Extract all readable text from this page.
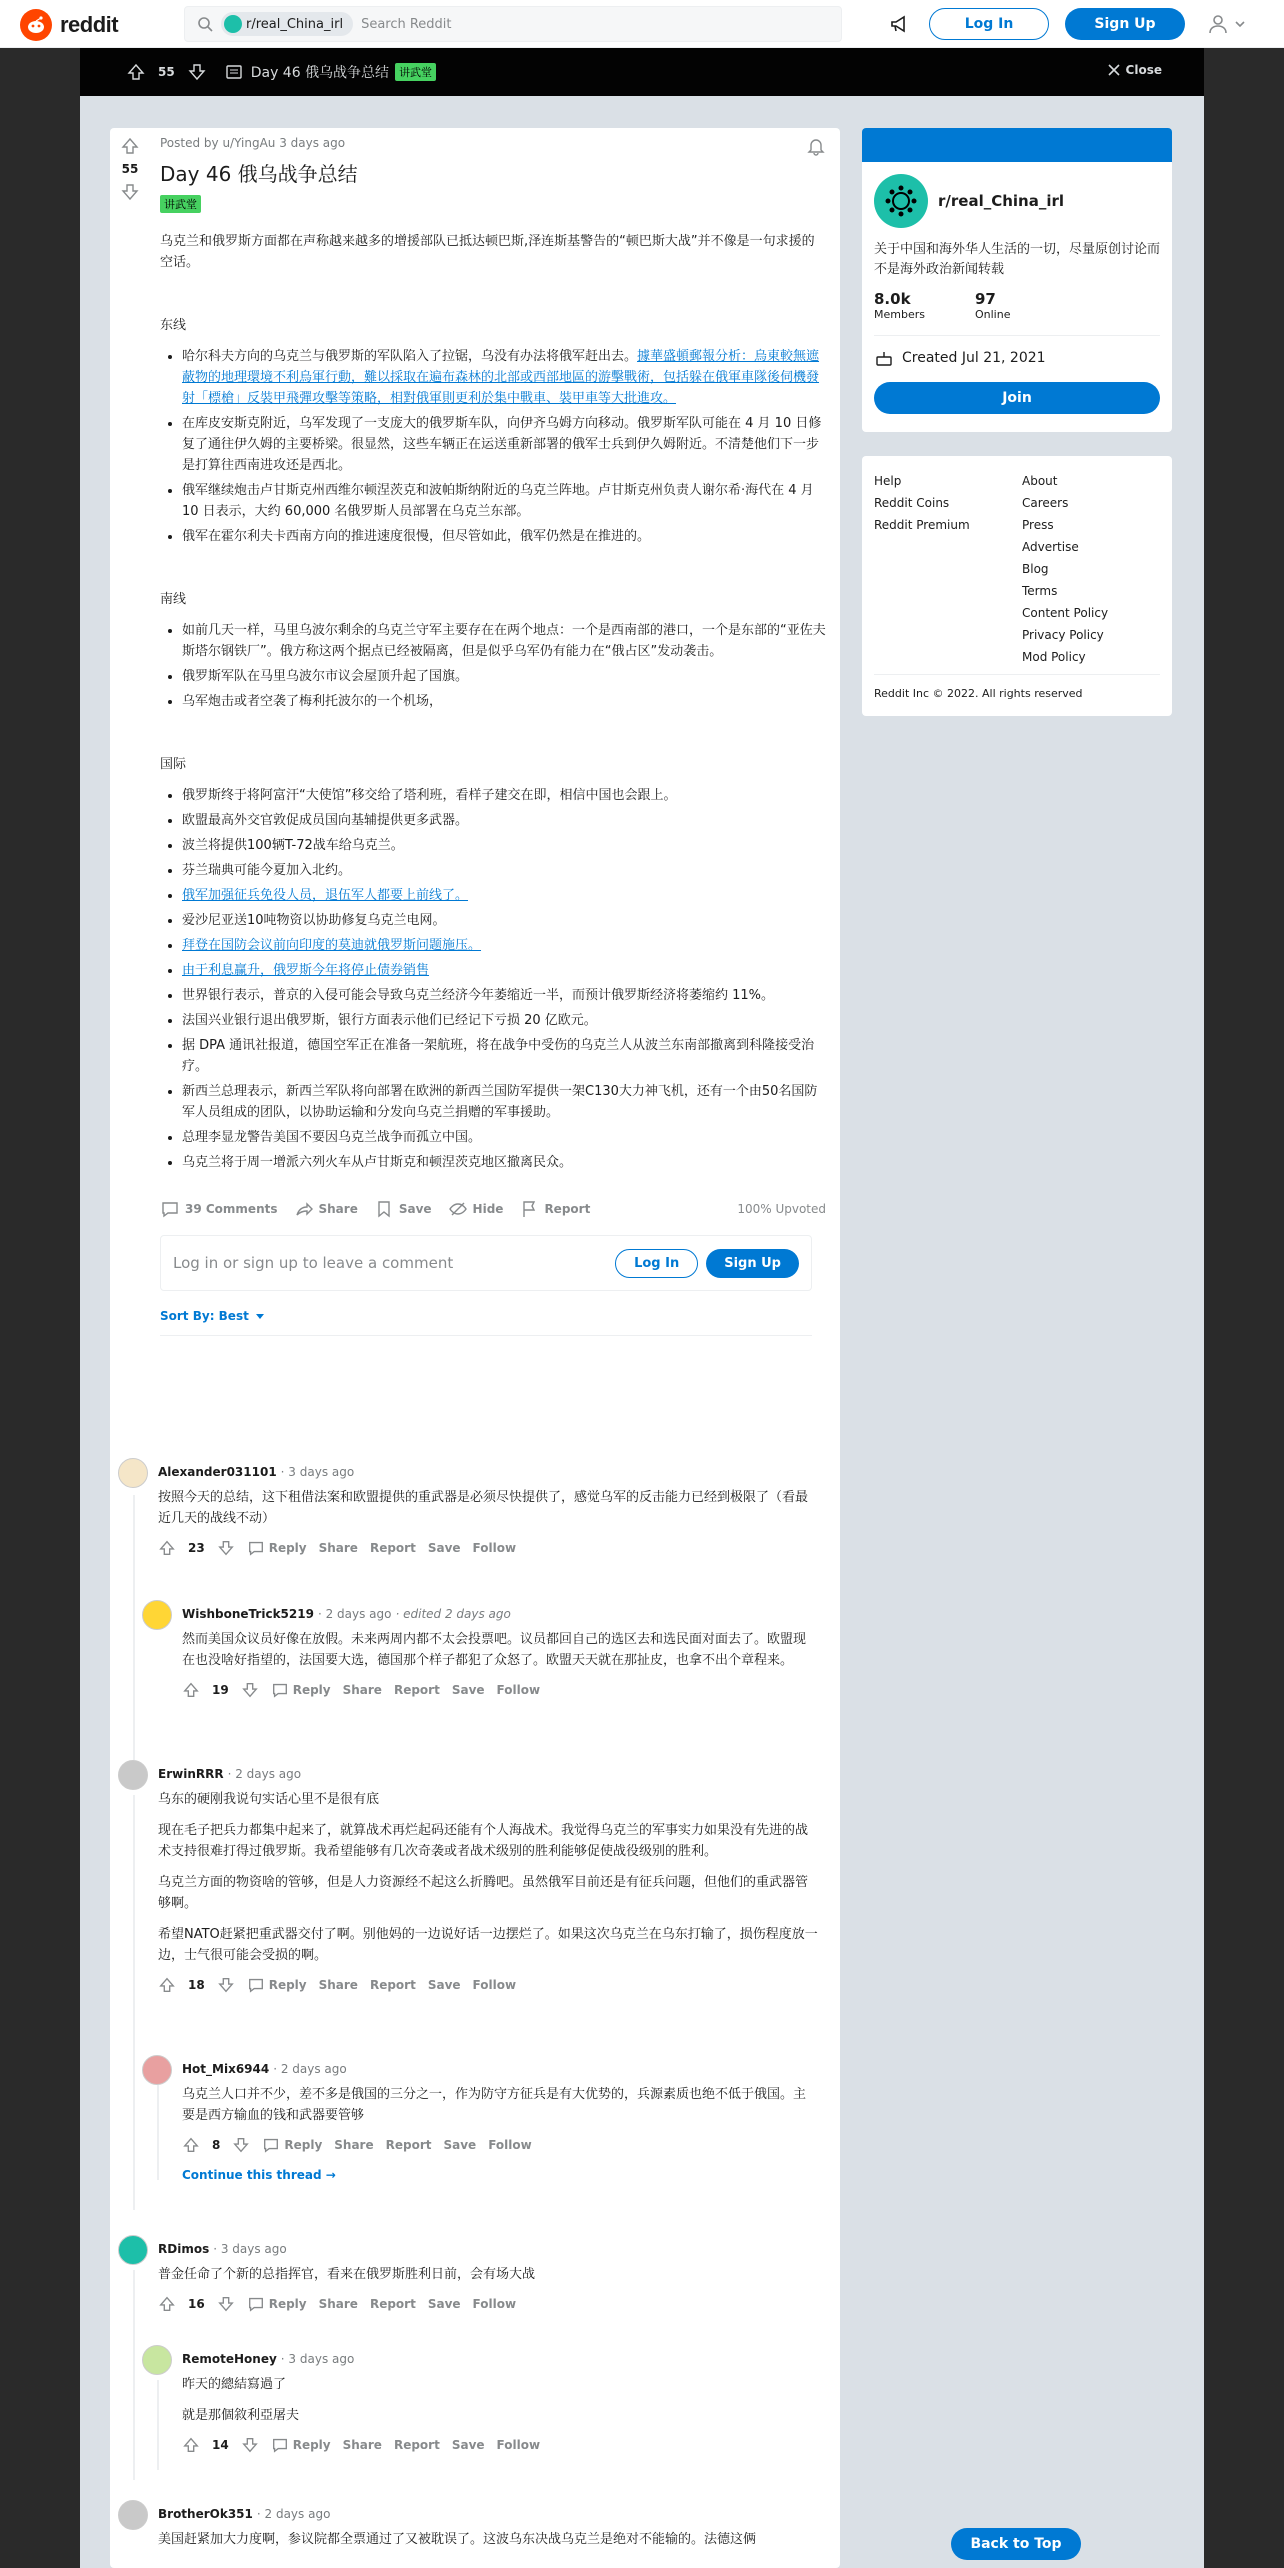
reddit	r/real_China_irl Search Reddit	Log In	Sign Up
55	Day 46 俄乌战争总结 讲武堂	Close
55
Posted by u/YingAu 3 days ago
Day 46 俄乌战争总结
讲武堂

乌克兰和俄罗斯方面都在声称越来越多的增援部队已抵达顿巴斯,泽连斯基警告的“顿巴斯大战”并不像是一句求援的空话。

东线
• 哈尔科夫方向的乌克兰与俄罗斯的军队陷入了拉锯，乌没有办法将俄军赶出去。據華盛頓郵報分析：烏東較無遮蔽物的地理環境不利烏軍行動，難以採取在遍布森林的北部或西部地區的游擊戰術，包括躲在俄軍車隊後伺機發射「標槍」反裝甲飛彈攻擊等策略，相對俄軍則更利於集中戰車、裝甲車等大批進攻。
• 在库皮安斯克附近，乌军发现了一支庞大的俄罗斯车队，向伊齐乌姆方向移动。俄罗斯军队可能在 4 月 10 日修复了通往伊久姆的主要桥梁。很显然，这些车辆正在运送重新部署的俄军士兵到伊久姆附近。不清楚他们下一步是打算往西南进攻还是西北。
• 俄军继续炮击卢甘斯克州西维尔顿涅茨克和波帕斯纳附近的乌克兰阵地。卢甘斯克州负责人谢尔希·海代在 4 月 10 日表示，大约 60,000 名俄罗斯人员部署在乌克兰东部。
• 俄军在霍尔利夫卡西南方向的推进速度很慢，但尽管如此，俄军仍然是在推进的。
南线
• 如前几天一样，马里乌波尔剩余的乌克兰守军主要存在在两个地点：一个是西南部的港口，一个是东部的“亚佐夫斯塔尔钢铁厂”。俄方称这两个据点已经被隔离，但是似乎乌军仍有能力在“俄占区”发动袭击。
• 俄罗斯军队在马里乌波尔市议会屋顶升起了国旗。
• 乌军炮击或者空袭了梅利托波尔的一个机场，
国际
• 俄罗斯终于将阿富汗“大使馆”移交给了塔利班，看样子建交在即，相信中国也会跟上。
• 欧盟最高外交官敦促成员国向基辅提供更多武器。
• 波兰将提供100辆T-72战车给乌克兰。
• 芬兰瑞典可能今夏加入北约。
• 俄军加强征兵免役人员，退伍军人都要上前线了。
• 爱沙尼亚送10吨物资以协助修复乌克兰电网。
• 拜登在国防会议前向印度的莫迪就俄罗斯问题施压。
• 由于利息赢升，俄罗斯今年将停止债券销售
• 世界银行表示，普京的入侵可能会导致乌克兰经济今年萎缩近一半，而预计俄罗斯经济将萎缩约 11%。
• 法国兴业银行退出俄罗斯，银行方面表示他们已经记下亏损 20 亿欧元。
• 据 DPA 通讯社报道，德国空军正在准备一架航班，将在战争中受伤的乌克兰人从波兰东南部撤离到科隆接受治疗。
• 新西兰总理表示，新西兰军队将向部署在欧洲的新西兰国防军提供一架C130大力神飞机，还有一个由50名国防军人员组成的团队，以协助运输和分发向乌克兰捐赠的军事援助。
• 总理李显龙警告美国不要因乌克兰战争而孤立中国。
• 乌克兰将于周一增派六列火车从卢甘斯克和顿涅茨克地区撤离民众。
39 Comments	Share	Save	Hide	Report	100% Upvoted
Log in or sign up to leave a comment	Log In	Sign Up
Sort By: Best
Alexander031101 · 3 days ago

按照今天的总结，这下租借法案和欧盟提供的重武器是必须尽快提供了，感觉乌军的反击能力已经到极限了（看最近几天的战线不动）

23	Reply Share Report Save Follow
WishboneTrick5219 · 2 days ago · edited 2 days ago

然而美国众议员好像在放假。未来两周内都不太会投票吧。议员都回自己的选区去和选民面对面去了。欧盟现在也没啥好指望的，法国要大选，德国那个样子都犯了众怒了。欧盟天天就在那扯皮，也拿不出个章程来。

19	Reply Share Report Save Follow
ErwinRRR · 2 days ago

乌东的硬刚我说句实话心里不是很有底

现在毛子把兵力都集中起来了，就算战术再烂起码还能有个人海战术。我觉得乌克兰的军事实力如果没有先进的战术支持很难打得过俄罗斯。我希望能够有几次奇袭或者战术级别的胜利能够促使战役级别的胜利。

乌克兰方面的物资啥的管够，但是人力资源经不起这么折腾吧。虽然俄军目前还是有征兵问题，但他们的重武器管够啊。

希望NATO赶紧把重武器交付了啊。别他妈的一边说好话一边摆烂了。如果这次乌克兰在乌东打输了，损伤程度放一边，士气很可能会受损的啊。

18	Reply Share Report Save Follow
Hot_Mix6944 · 2 days ago

乌克兰人口并不少，差不多是俄国的三分之一，作为防守方征兵是有大优势的，兵源素质也绝不低于俄国。主要是西方输血的钱和武器要管够

8	Reply Share Report Save Follow
Continue this thread →
RDimos · 3 days ago

普金任命了个新的总指挥官，看来在俄罗斯胜利日前，会有场大战

16	Reply Share Report Save Follow
RemoteHoney · 3 days ago

昨天的總結寫過了

就是那個敘利亞屠夫

14	Reply Share Report Save Follow
BrotherOk351 · 2 days ago

美国赶紧加大力度啊，参议院都全票通过了又被耽误了。这波乌东决战乌克兰是绝对不能输的。法德这俩

r/real_China_irl
关于中国和海外华人生活的一切，尽量原创讨论而不是海外政治新闻转载
8.0k
Members
97
Online
Created Jul 21, 2021
Join
Help
Reddit Coins
Reddit Premium
About
Careers
Press
Advertise
Blog
Terms
Content Policy
Privacy Policy
Mod Policy
Reddit Inc © 2022. All rights reserved
Back to Top
